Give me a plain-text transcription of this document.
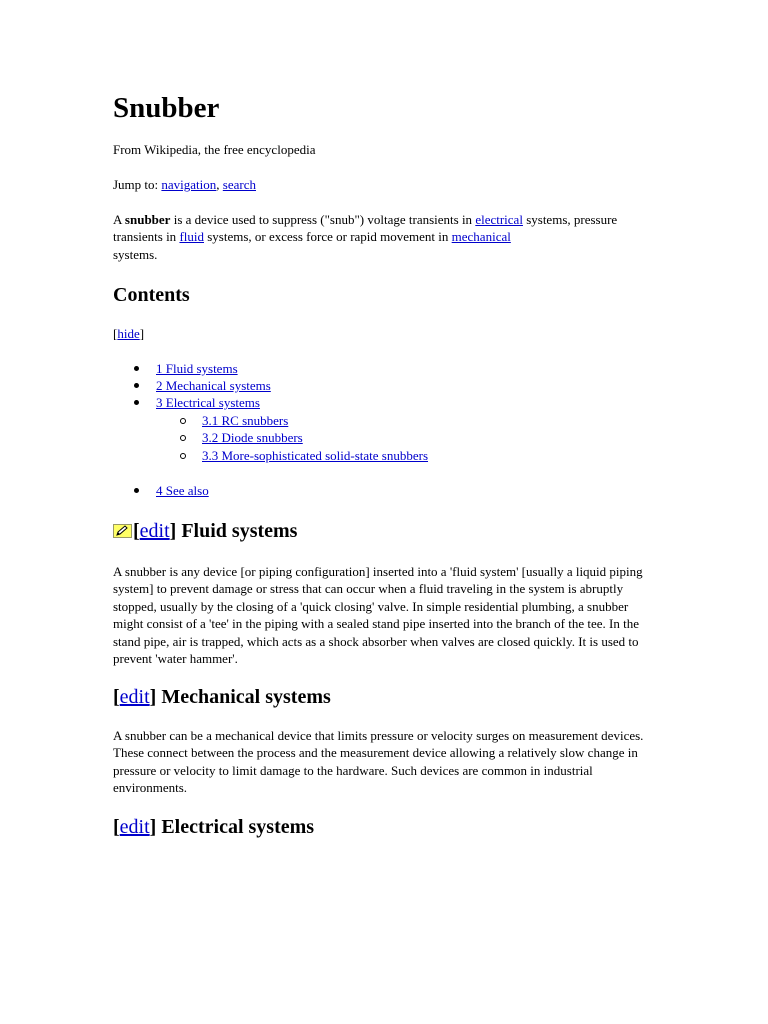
Snubber
From Wikipedia, the free encyclopedia
Jump to: navigation, search

A snubber is a device used to suppress ("snub") voltage transients in electrical systems, pressure transients in fluid systems, or excess force or rapid movement in mechanical
systems.

Contents
[hide]
1 Fluid systems
2 Mechanical systems
3 Electrical systems
3.1 RC snubbers
3.2 Diode snubbers
3.3 More-sophisticated solid-state snubbers
4 See also
[edit] Fluid systems

A snubber is any device [or piping configuration] inserted into a 'fluid system' [usually a liquid piping system] to prevent damage or stress that can occur when a fluid traveling in the system is abruptly stopped, usually by the closing of a 'quick closing' valve. In simple residential plumbing, a snubber might consist of a 'tee' in the piping with a sealed stand pipe inserted into the branch of the tee. In the stand pipe, air is trapped, which acts as a shock absorber when valves are closed quickly. It is used to prevent 'water hammer'.

[edit] Mechanical systems

A snubber can be a mechanical device that limits pressure or velocity surges on measurement devices. These connect between the process and the measurement device allowing a relatively slow change in pressure or velocity to limit damage to the hardware. Such devices are common in industrial environments.

[edit] Electrical systems
